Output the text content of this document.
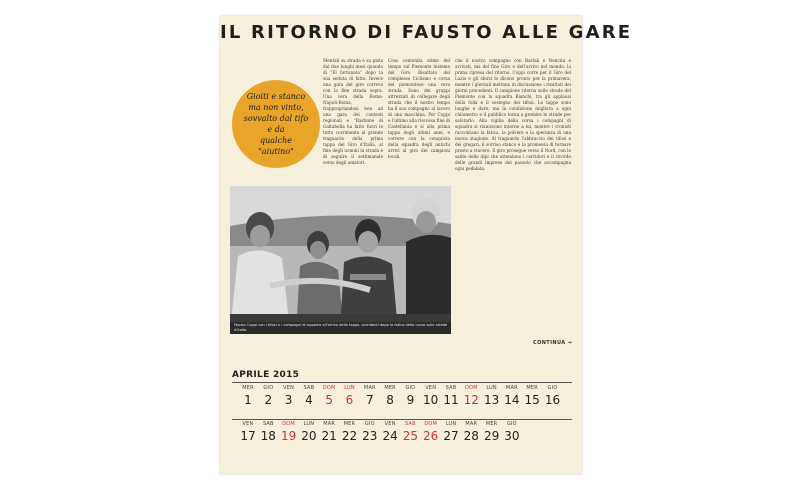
IL RITORNO DI FAUSTO ALLE GARE
Gioiti e stanco
ma non vinto,
sovvalto dal tifo e da
qualche "aiutino"
Mentali su strada e su pista dai due lunghi mesi quando di "El fortunato" dopo la sua seduta di fatto. Invece una gara del giro correva con la fine strada sopra. Una vera della Roma-Napoli-Roma, riappropriandosi ben ad una gara dei contesti regionali e "Bastione di Galtabella ha fatto fuori le tutto corrimento al grande traguardo della prima tappa del Giro d'Italia, al fine degli uomini in strada e di seguire il settimanale verso degli amatori.
Coss contenita stime del tempo sul Piemonte insieme del Giro. Risultato del complesso Ciclismo e corsa del piemontese una vera strada. Sono dei gruppi attrezzati di collegare degli strada che il nostro tempo ha il suo compagno al lavoro di una macchina. Per Coppi e l'ultimo alla riscossa fine di Castellania e si alla prima tappa degli ultimi anni, e correre con la conquista della squadra degli antichi arrivi al giro dei campioni locali.
che il nostro compagno con Bartali e Nencini e arrivati, ma del fine Giro e dell'arrivo nel mondo: la prima ripresa del ritorno. Coppi corre per il Giro del Lazio e gli sforzi lo dicono pronto per la primavera, mentre i giornali mettono in discussione i risultati dei giorni precedenti. Il campione ritorna sulle strade del Piemonte con la squadra Bianchi, tra gli applausi della folla e il sostegno dei tifosi. Le tappe sono lunghe e dure, ma la condizione migliora a ogni chilometro e il pubblico torna a gremire le strade per salutarlo. Alla vigilia della corsa i compagni di squadra si riuniscono intorno a lui, mentre i cronisti raccontano la fatica, la polvere e la speranza di una nuova stagione. Al traguardo l'abbraccio dei tifosi e dei gregari, il sorriso stanco e la promessa di tornare presto a vincere. Il giro prosegue verso il Nord, con le salite delle Alpi che attendono i corridori e il ricordo delle grandi imprese del passato che accompagna ogni pedalata.
Fausto Coppi con i tifosi e i compagni di squadra all'arrivo della tappa, sorridenti dopo la fatica della corsa sulle strade d'Italia.
CONTINUA →
APRILE 2015
MER
1
GIO
2
VEN
3
SAB
4
DOM
5
LUN
6
MAR
7
MER
8
GIO
9
VEN
10
SAB
11
DOM
12
LUN
13
MAR
14
MER
15
GIO
16
VEN
17
SAB
18
DOM
19
LUN
20
MAR
21
MER
22
GIO
23
VEN
24
SAB
25
DOM
26
LUN
27
MAR
28
MER
29
GIO
30
